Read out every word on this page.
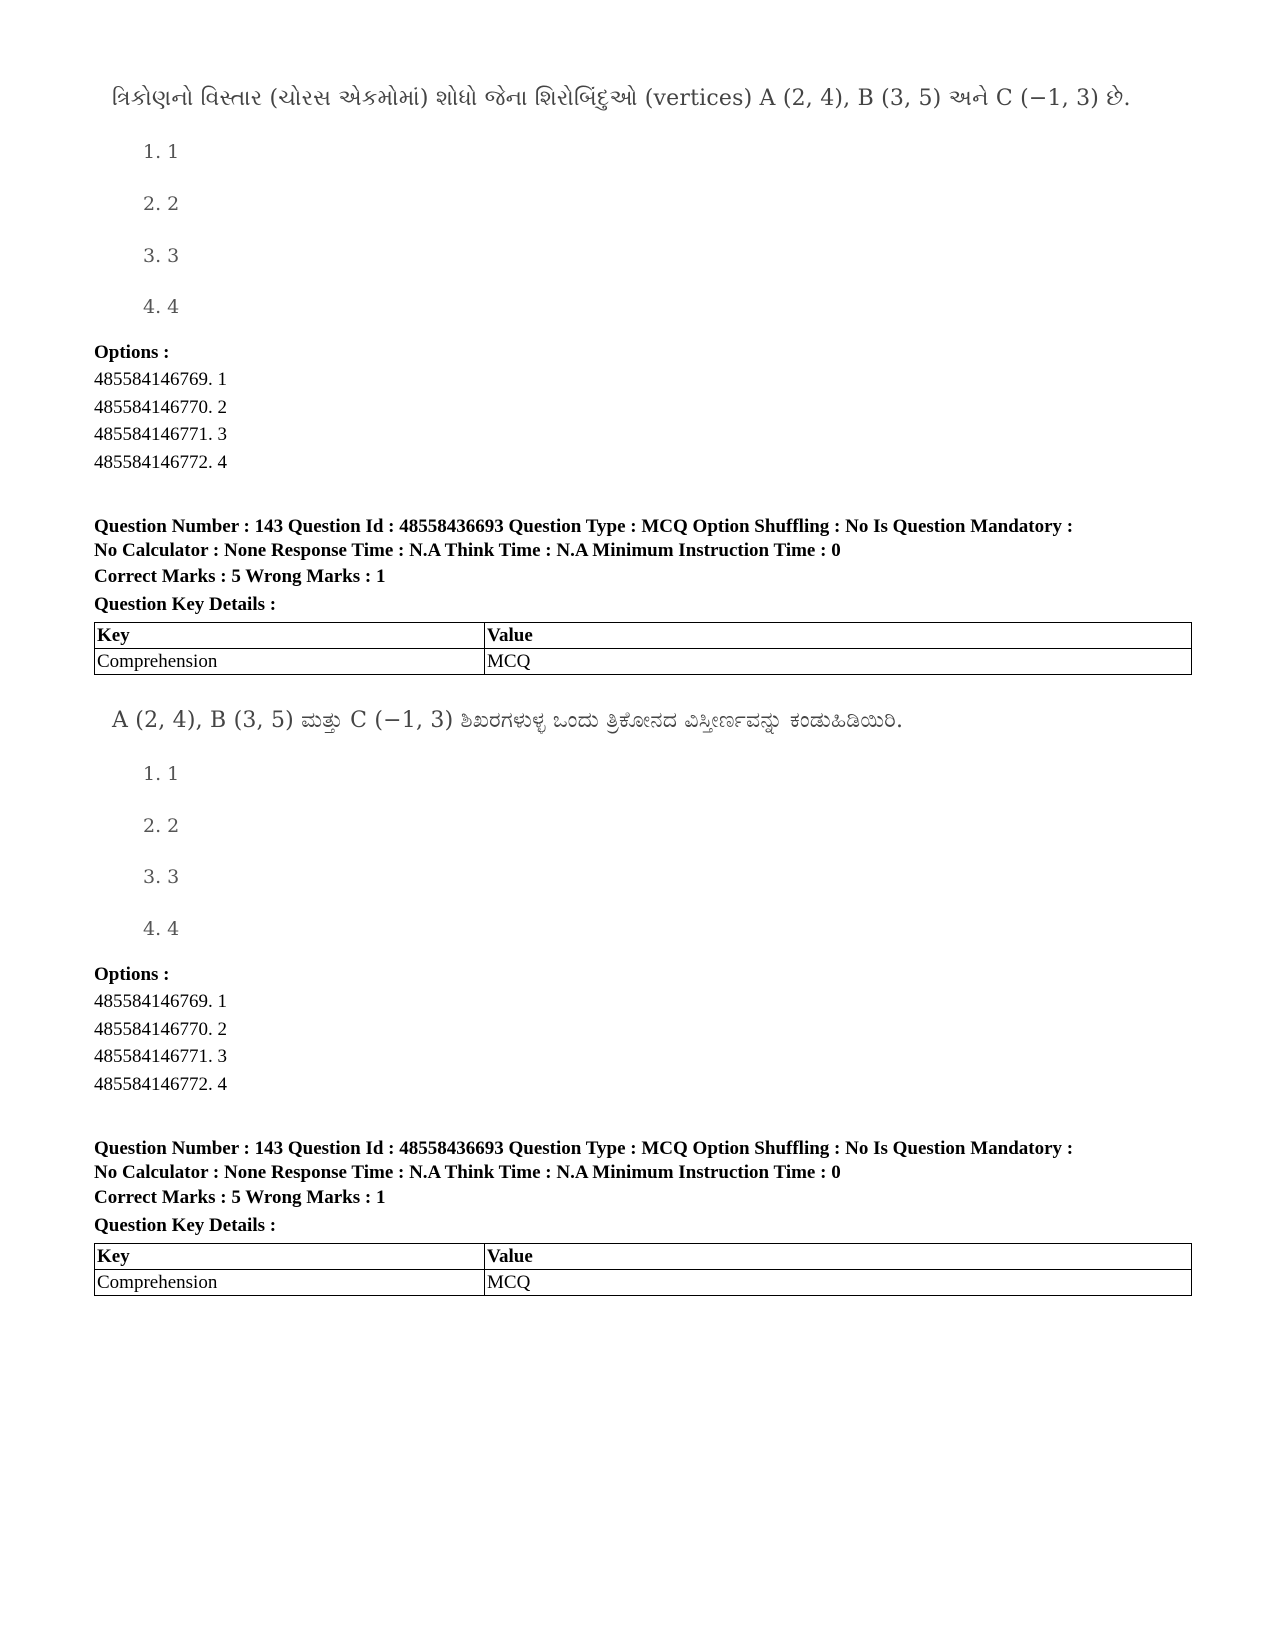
ત્રિકોણનો વિસ્તાર (ચોરસ એકમોમાં) શોધો જેના શિરોબિંદુઓ (vertices) A (2, 4), B (3, 5) અને C (−1, 3) છે.
1. 1
2. 2
3. 3
4. 4
Options :
485584146769. 1
485584146770. 2
485584146771. 3
485584146772. 4
Question Number : 143 Question Id : 48558436693 Question Type : MCQ Option Shuffling : No Is Question Mandatory :
No Calculator : None Response Time : N.A Think Time : N.A Minimum Instruction Time : 0
Correct Marks : 5 Wrong Marks : 1
Question Key Details :
Key	Value
Comprehension	MCQ
A (2, 4), B (3, 5) ಮತ್ತು C (−1, 3) ಶಿಖರಗಳುಳ್ಳ ಒಂದು ತ್ರಿಕೋನದ ವಿಸ್ತೀರ್ಣವನ್ನು ಕಂಡುಹಿಡಿಯಿರಿ.
1. 1
2. 2
3. 3
4. 4
Options :
485584146769. 1
485584146770. 2
485584146771. 3
485584146772. 4
Question Number : 143 Question Id : 48558436693 Question Type : MCQ Option Shuffling : No Is Question Mandatory :
No Calculator : None Response Time : N.A Think Time : N.A Minimum Instruction Time : 0
Correct Marks : 5 Wrong Marks : 1
Question Key Details :
Key	Value
Comprehension	MCQ
